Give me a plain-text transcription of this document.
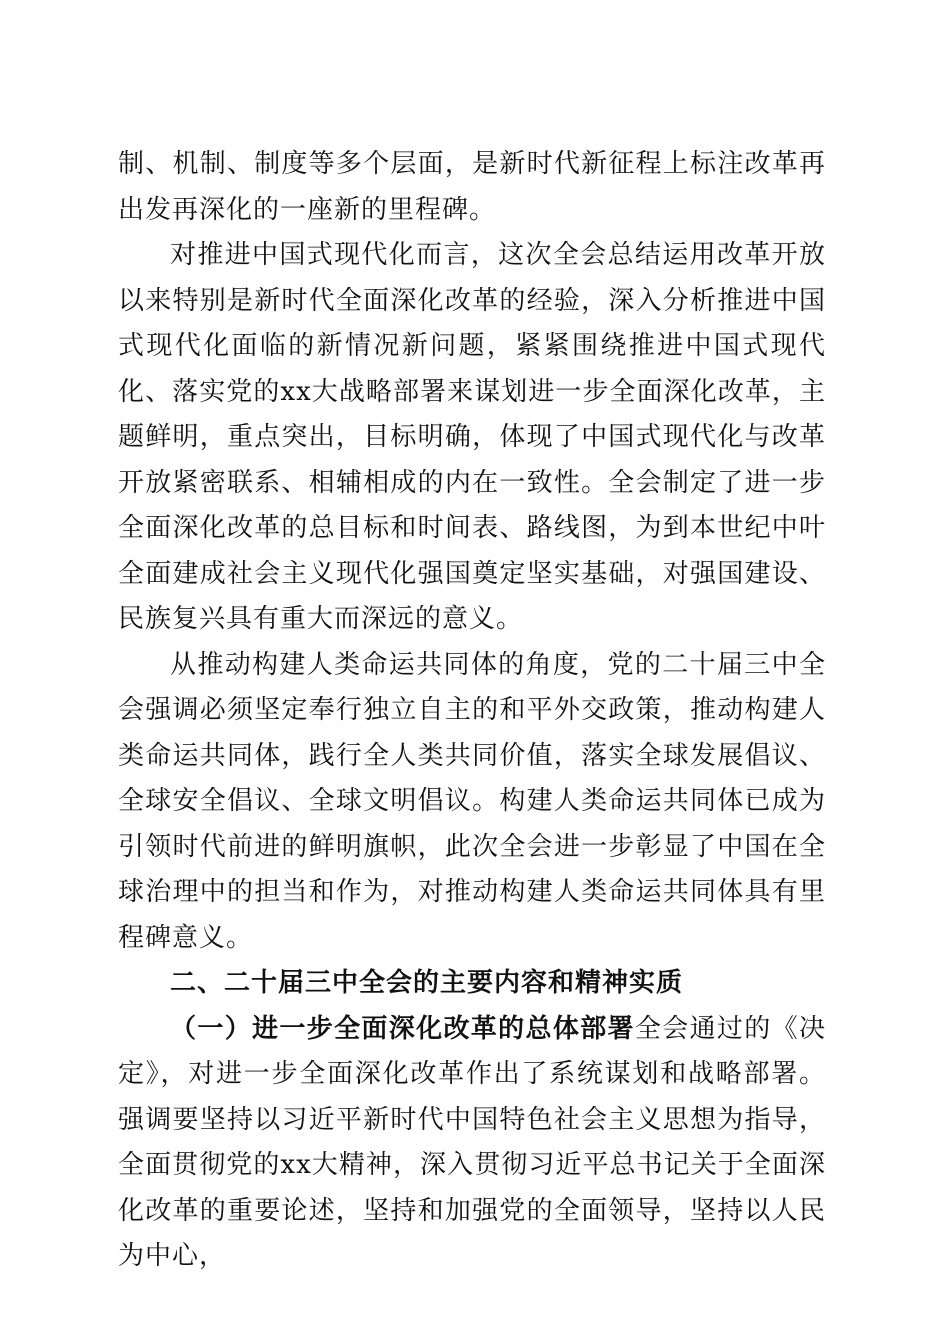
制、机制、制度等多个层面，是新时代新征程上标注改革再出发再深化的一座新的里程碑。

对推进中国式现代化而言，这次全会总结运用改革开放以来特别是新时代全面深化改革的经验，深入分析推进中国式现代化面临的新情况新问题，紧紧围绕推进中国式现代化、落实党的xx大战略部署来谋划进一步全面深化改革，主题鲜明，重点突出，目标明确，体现了中国式现代化与改革开放紧密联系、相辅相成的内在一致性。全会制定了进一步全面深化改革的总目标和时间表、路线图，为到本世纪中叶全面建成社会主义现代化强国奠定坚实基础，对强国建设、民族复兴具有重大而深远的意义。

从推动构建人类命运共同体的角度，党的二十届三中全会强调必须坚定奉行独立自主的和平外交政策，推动构建人类命运共同体，践行全人类共同价值，落实全球发展倡议、全球安全倡议、全球文明倡议。构建人类命运共同体已成为引领时代前进的鲜明旗帜，此次全会进一步彰显了中国在全球治理中的担当和作为，对推动构建人类命运共同体具有里程碑意义。

二、二十届三中全会的主要内容和精神实质

（一）进一步全面深化改革的总体部署全会通过的《决定》，对进一步全面深化改革作出了系统谋划和战略部署。强调要坚持以习近平新时代中国特色社会主义思想为指导，全面贯彻党的xx大精神，深入贯彻习近平总书记关于全面深化改革的重要论述，坚持和加强党的全面领导，坚持以人民为中心，
